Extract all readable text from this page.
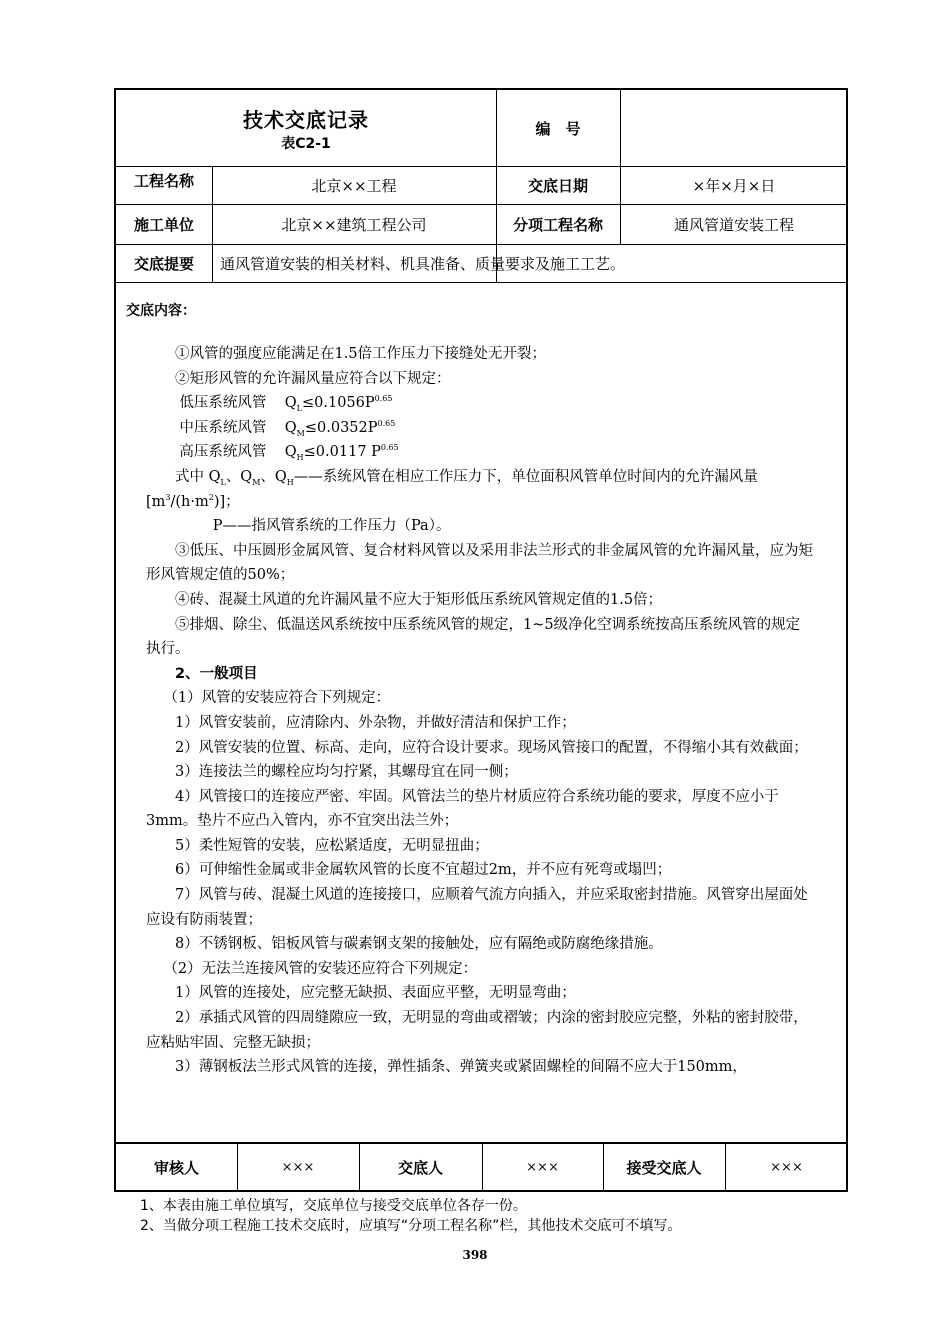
技术交底记录
表C2-1
编　号
工程名称	北京××工程	交底日期	×年×月×日
施工单位	北京××建筑工程公司	分项工程名称	通风管道安装工程
交底提要	通风管道安装的相关材料、机具准备、质量要求及施工工艺。
交底内容：

①风管的强度应能满足在1.5倍工作压力下接缝处无开裂；

②矩形风管的允许漏风量应符合以下规定：

低压系统风管 $Q_L\le 0.1056P^{0.65}$

中压系统风管 $Q_M\le 0.0352P^{0.65}$

高压系统风管 $Q_H\le 0.0117$ $P^{0.65}$

式中 $Q_L$、$Q_M$、$Q_H——$系统风管在相应工作压力下，单位面积风管单位时间内的允许漏风量$[m^3/(h\cdot m^2)]$；

P——指风管系统的工作压力（Pa）。

③低压、中压圆形金属风管、复合材料风管以及采用非法兰形式的非金属风管的允许漏风量，应为矩形风管规定值的50%；

④砖、混凝土风道的允许漏风量不应大于矩形低压系统风管规定值的1.5倍；

⑤排烟、除尘、低温送风系统按中压系统风管的规定，1~5级净化空调系统按高压系统风管的规定执行。

2、一般项目

（1）风管的安装应符合下列规定：

1）风管安装前，应清除内、外杂物，并做好清洁和保护工作；

2）风管安装的位置、标高、走向，应符合设计要求。现场风管接口的配置，不得缩小其有效截面；

3）连接法兰的螺栓应均匀拧紧，其螺母宜在同一侧；

4）风管接口的连接应严密、牢固。风管法兰的垫片材质应符合系统功能的要求，厚度不应小于3mm。垫片不应凸入管内，亦不宜突出法兰外；

5）柔性短管的安装，应松紧适度，无明显扭曲；

6）可伸缩性金属或非金属软风管的长度不宜超过2m，并不应有死弯或塌凹；

7）风管与砖、混凝土风道的连接接口，应顺着气流方向插入，并应采取密封措施。风管穿出屋面处应设有防雨装置；

8）不锈钢板、铝板风管与碳素钢支架的接触处，应有隔绝或防腐绝缘措施。

（2）无法兰连接风管的安装还应符合下列规定：

1）风管的连接处，应完整无缺损、表面应平整，无明显弯曲；

2）承插式风管的四周缝隙应一致，无明显的弯曲或褶皱；内涂的密封胶应完整，外粘的密封胶带，应粘贴牢固、完整无缺损；

3）薄钢板法兰形式风管的连接，弹性插条、弹簧夹或紧固螺栓的间隔不应大于150mm，

审核人	×××	交底人	×××	接受交底人	×××
1、本表由施工单位填写，交底单位与接受交底单位各存一份。
2、当做分项工程施工技术交底时，应填写“分项工程名称”栏，其他技术交底可不填写。
398
